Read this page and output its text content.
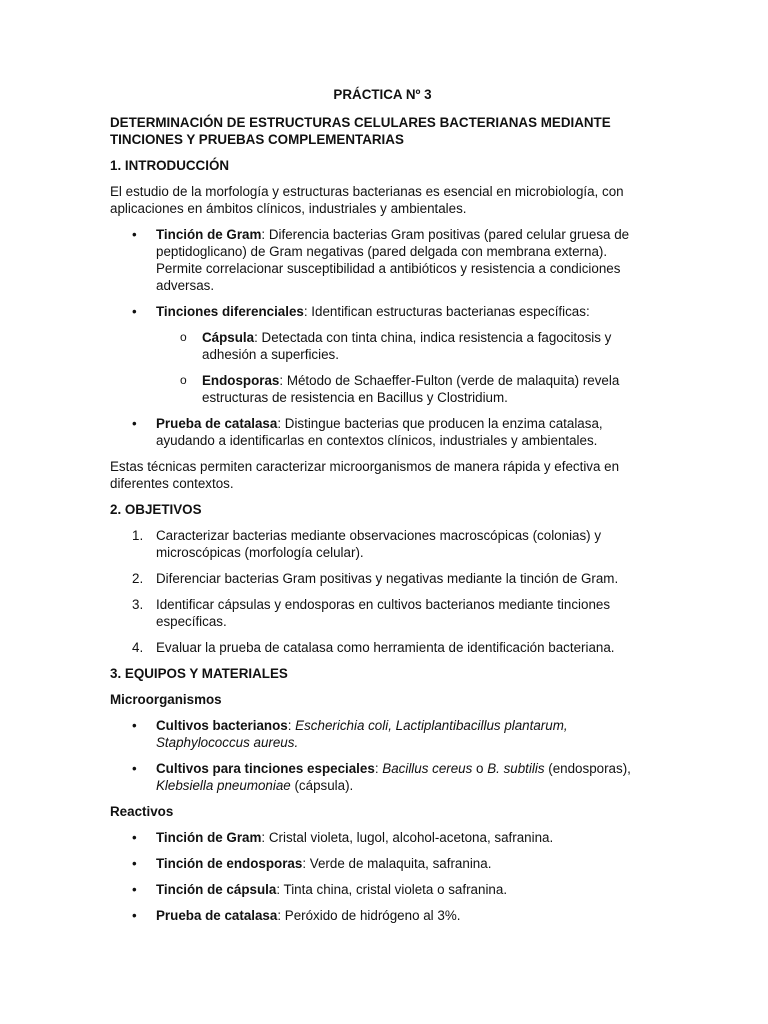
PRÁCTICA Nº 3
DETERMINACIÓN DE ESTRUCTURAS CELULARES BACTERIANAS MEDIANTE TINCIONES Y PRUEBAS COMPLEMENTARIAS
1. INTRODUCCIÓN

El estudio de la morfología y estructuras bacterianas es esencial en microbiología, con aplicaciones en ámbitos clínicos, industriales y ambientales.

• Tinción de Gram: Diferencia bacterias Gram positivas (pared celular gruesa de peptidoglicano) de Gram negativas (pared delgada con membrana externa). Permite correlacionar susceptibilidad a antibióticos y resistencia a condiciones adversas.
• Tinciones diferenciales: Identifican estructuras bacterianas específicas:
o Cápsula: Detectada con tinta china, indica resistencia a fagocitosis y adhesión a superficies.
o Endosporas: Método de Schaeffer-Fulton (verde de malaquita) revela estructuras de resistencia en Bacillus y Clostridium.
• Prueba de catalasa: Distingue bacterias que producen la enzima catalasa, ayudando a identificarlas en contextos clínicos, industriales y ambientales.

Estas técnicas permiten caracterizar microorganismos de manera rápida y efectiva en diferentes contextos.

2. OBJETIVOS
1. Caracterizar bacterias mediante observaciones macroscópicas (colonias) y microscópicas (morfología celular).
2. Diferenciar bacterias Gram positivas y negativas mediante la tinción de Gram.
3. Identificar cápsulas y endosporas en cultivos bacterianos mediante tinciones específicas.
4. Evaluar la prueba de catalasa como herramienta de identificación bacteriana.
3. EQUIPOS Y MATERIALES
Microorganismos
• Cultivos bacterianos: Escherichia coli, Lactiplantibacillus plantarum, Staphylococcus aureus.
• Cultivos para tinciones especiales: Bacillus cereus o B. subtilis (endosporas), Klebsiella pneumoniae (cápsula).
Reactivos
• Tinción de Gram: Cristal violeta, lugol, alcohol-acetona, safranina.
• Tinción de endosporas: Verde de malaquita, safranina.
• Tinción de cápsula: Tinta china, cristal violeta o safranina.
• Prueba de catalasa: Peróxido de hidrógeno al 3%.
